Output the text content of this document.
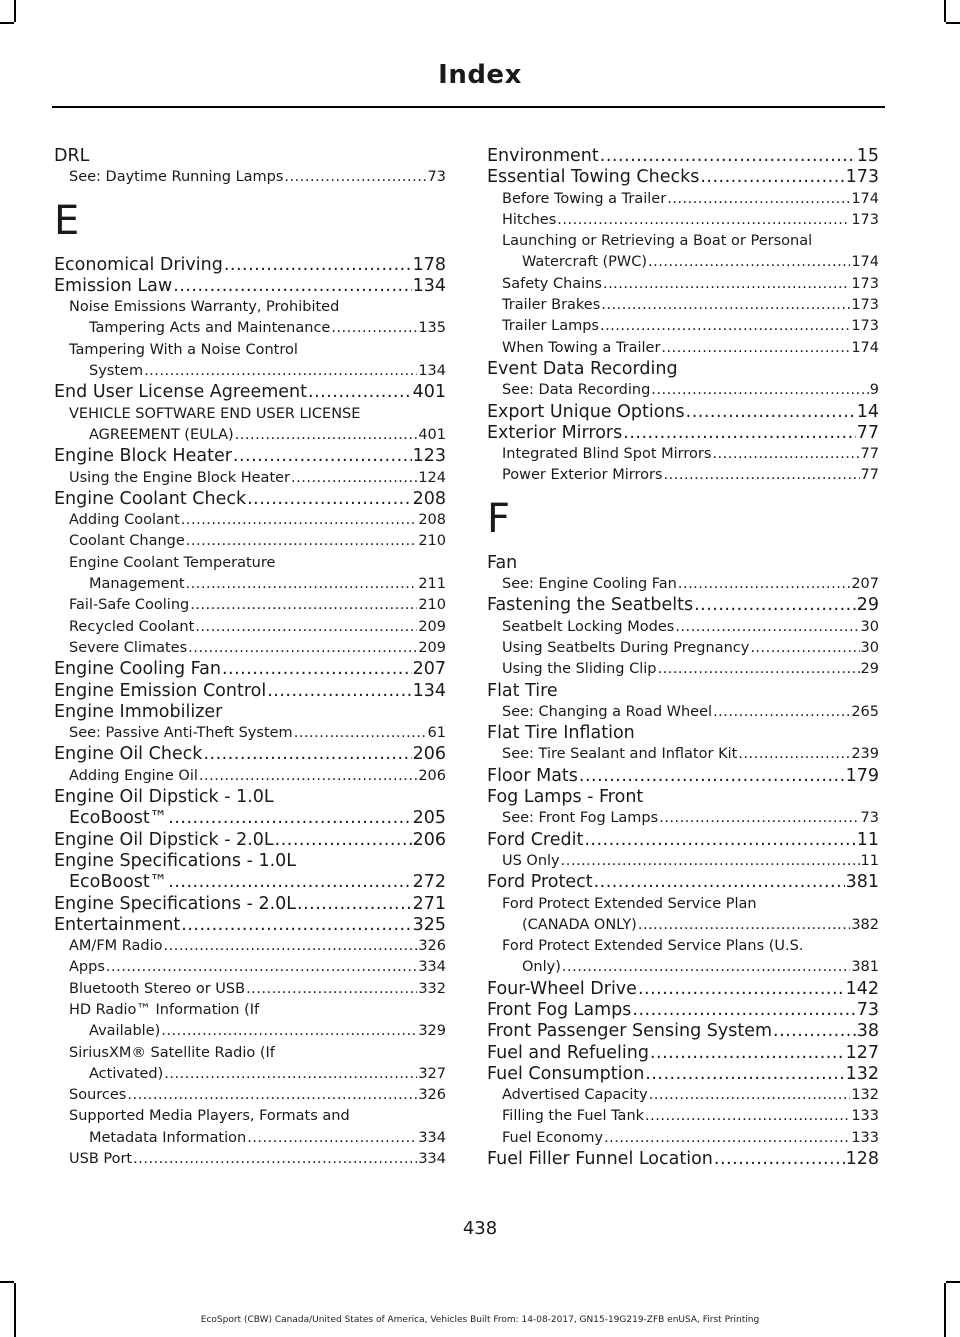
Index
DRL
See: Daytime Running Lamps .....	73
E
Economical Driving .....	178
Emission Law .....	134
Noise Emissions Warranty, Prohibited
Tampering Acts and Maintenance .....	135
Tampering With a Noise Control
System .....	134
End User License Agreement .....	401
VEHICLE SOFTWARE END USER LICENSE
AGREEMENT (EULA) .....	401
Engine Block Heater .....	123
Using the Engine Block Heater .....	124
Engine Coolant Check .....	208
Adding Coolant .....	208
Coolant Change .....	210
Engine Coolant Temperature
Management .....	211
Fail-Safe Cooling .....	210
Recycled Coolant .....	209
Severe Climates .....	209
Engine Cooling Fan .....	207
Engine Emission Control .....	134
Engine Immobilizer
See: Passive Anti-Theft System .....	61
Engine Oil Check .....	206
Adding Engine Oil .....	206
Engine Oil Dipstick - 1.0L
EcoBoost™ .....	205
Engine Oil Dipstick - 2.0L .....	206
Engine Specifications - 1.0L
EcoBoost™ .....	272
Engine Specifications - 2.0L .....	271
Entertainment .....	325
AM/FM Radio .....	326
Apps .....	334
Bluetooth Stereo or USB .....	332
HD Radio™ Information (If
Available) .....	329
SiriusXM® Satellite Radio (If
Activated) .....	327
Sources .....	326
Supported Media Players, Formats and
Metadata Information .....	334
USB Port .....	334
Environment .....	15
Essential Towing Checks .....	173
Before Towing a Trailer .....	174
Hitches .....	173
Launching or Retrieving a Boat or Personal
Watercraft (PWC) .....	174
Safety Chains .....	173
Trailer Brakes .....	173
Trailer Lamps .....	173
When Towing a Trailer .....	174
Event Data Recording
See: Data Recording .....	9
Export Unique Options .....	14
Exterior Mirrors .....	77
Integrated Blind Spot Mirrors .....	77
Power Exterior Mirrors .....	77
F
Fan
See: Engine Cooling Fan .....	207
Fastening the Seatbelts .....	29
Seatbelt Locking Modes .....	30
Using Seatbelts During Pregnancy .....	30
Using the Sliding Clip .....	29
Flat Tire
See: Changing a Road Wheel .....	265
Flat Tire Inflation
See: Tire Sealant and Inflator Kit .....	239
Floor Mats .....	179
Fog Lamps - Front
See: Front Fog Lamps .....	73
Ford Credit .....	11
US Only .....	11
Ford Protect .....	381
Ford Protect Extended Service Plan
(CANADA ONLY) .....	382
Ford Protect Extended Service Plans (U.S.
Only) .....	381
Four-Wheel Drive .....	142
Front Fog Lamps .....	73
Front Passenger Sensing System .....	38
Fuel and Refueling .....	127
Fuel Consumption .....	132
Advertised Capacity .....	132
Filling the Fuel Tank .....	133
Fuel Economy .....	133
Fuel Filler Funnel Location .....	128
438
EcoSport (CBW) Canada/United States of America, Vehicles Built From: 14-08-2017, GN15-19G219-ZFB enUSA, First Printing
